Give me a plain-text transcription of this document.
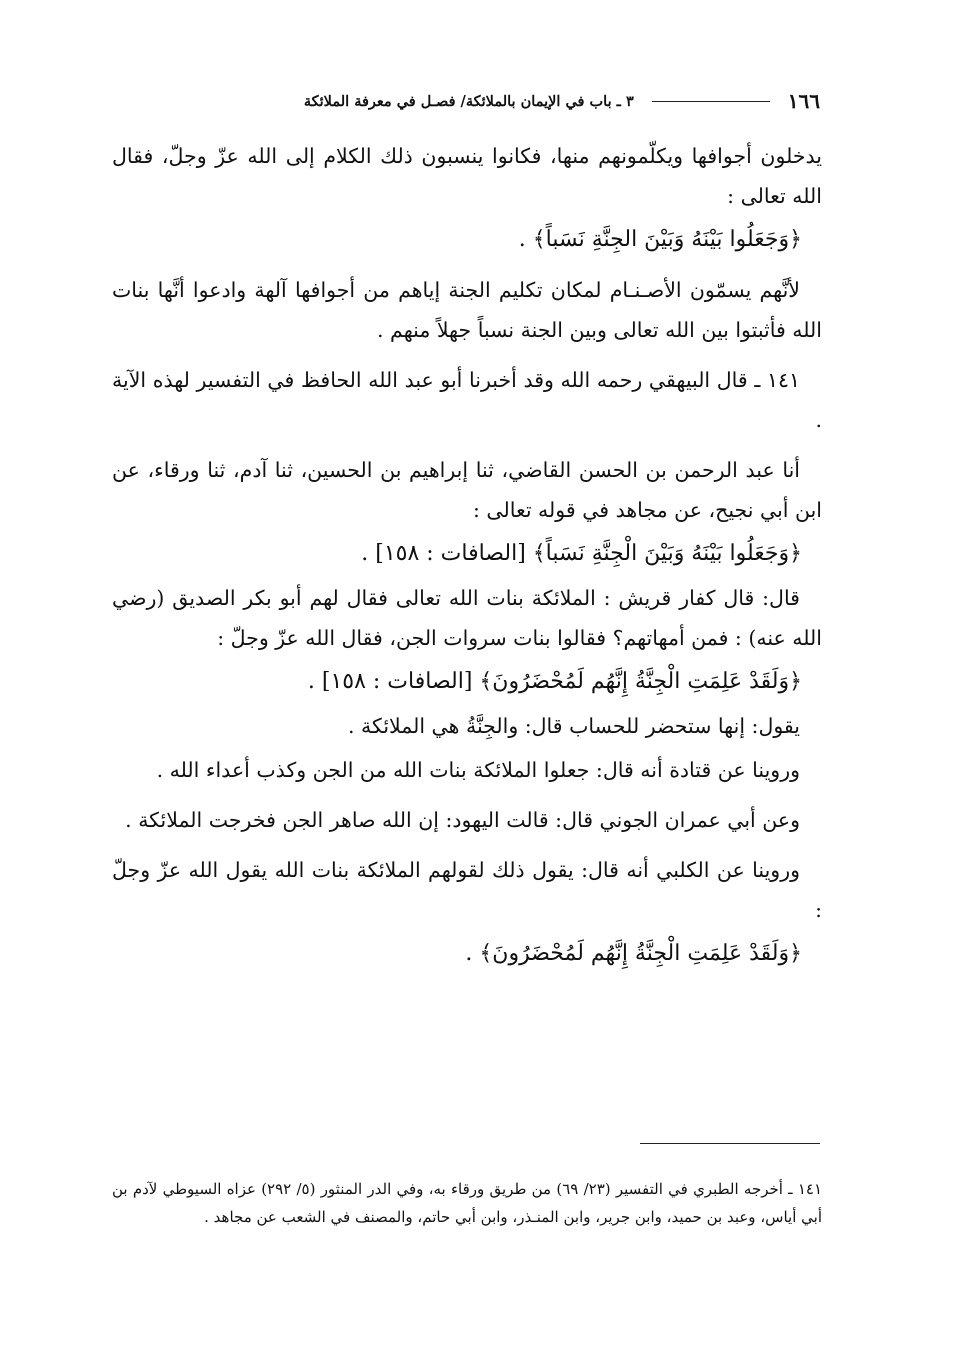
١٦٦
٣ ـ باب في الإيمان بالملائكة/ فصـل في معرفة الملائكة

يدخلون أجوافها ويكلّمونهم منها، فكانوا ينسبون ذلك الكلام إلى الله عزّ وجلّ، فقال الله تعالى :

﴿وَجَعَلُوا بَيْنَهُ وَبَيْنَ الجِنَّةِ نَسَباً﴾ .

لأنَّهم يسمّون الأصـنـام لمكان تكليم الجنة إياهم من أجوافها آلهة وادعوا أنَّها بنات الله فأثبتوا بين الله تعالى وبين الجنة نسباً جهلاً منهم .

١٤١ ـ قال البيهقي رحمه الله وقد أخبرنا أبو عبد الله الحافظ في التفسير لهذه الآية .

أنا عبد الرحمن بن الحسن القاضي، ثنا إبراهيم بن الحسين، ثنا آدم، ثنا ورقاء، عن ابن أبي نجيح، عن مجاهد في قوله تعالى :

﴿وَجَعَلُوا بَيْنَهُ وَبَيْنَ الْجِنَّةِ نَسَباً﴾ [الصافات : ١٥٨] .

قال: قال كفار قريش : الملائكة بنات الله تعالى فقال لهم أبو بكر الصديق (رضي الله عنه) : فمن أمهاتهم؟ فقالوا بنات سروات الجن، فقال الله عزّ وجلّ :

﴿وَلَقَدْ عَلِمَتِ الْجِنَّةُ إِنَّهُم لَمُحْضَرُونَ﴾ [الصافات : ١٥٨] .

يقول: إنها ستحضر للحساب قال: والجِنَّةُ هي الملائكة .

وروينا عن قتادة أنه قال: جعلوا الملائكة بنات الله من الجن وكذب أعداء الله .

وعن أبي عمران الجوني قال: قالت اليهود: إن الله صاهر الجن فخرجت الملائكة .

وروينا عن الكلبي أنه قال: يقول ذلك لقولهم الملائكة بنات الله يقول الله عزّ وجلّ :

﴿وَلَقَدْ عَلِمَتِ الْجِنَّةُ إِنَّهُم لَمُحْضَرُونَ﴾ .

١٤١ ـ أخرجه الطبري في التفسير (٢٣/ ٦٩) من طريق ورقاء به، وفي الدر المنثور (٥/ ٢٩٢) عزاه السيوطي لآدم بن أبي أياس، وعبد بن حميد، وابن جرير، وابن المنـذر، وابن أبي حاتم، والمصنف في الشعب عن مجاهد .
